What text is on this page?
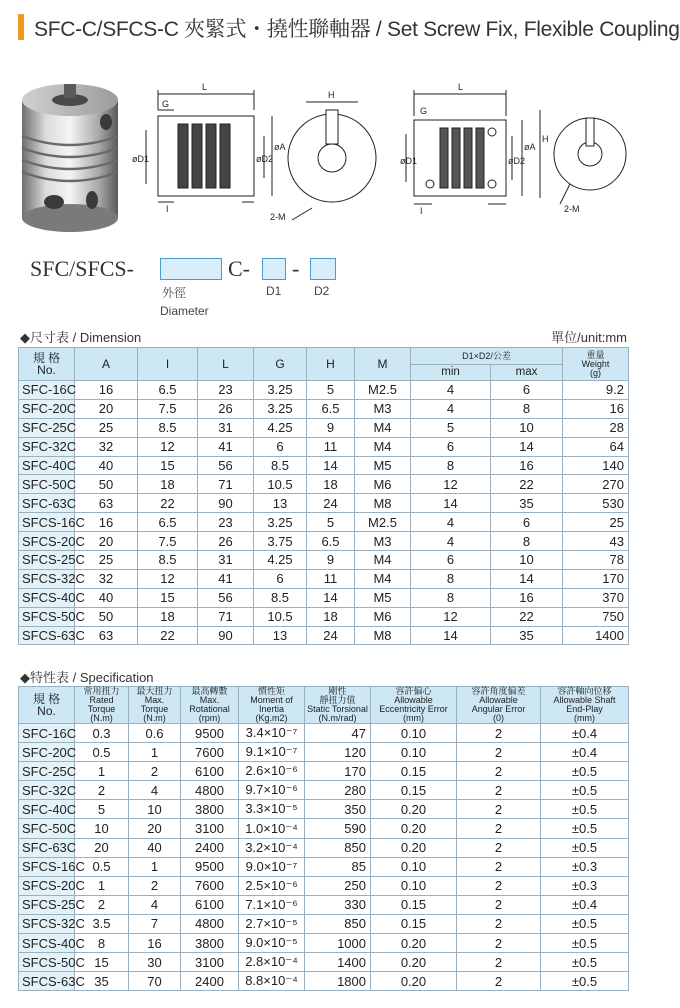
SFC-C/SFCS-C 夾緊式・撓性聯軸器 / Set Screw Fix, Flexible Coupling
L
G
I
øD1	øD2
øA
H
2-M
L
G
I
øD1	øD2
øA
H
2-M
SFC/SFCS-	C- -
外徑
Diameter
D1	D2
◆尺寸表 / Dimension	單位/unit:mm
規 格
No.	A	I	L	G	H	M	D1×D2/公差		重量
Weight
(g)
							min	max	
SFC-16C	16	6.5	23	3.25	5	M2.5	4	6	9.2
SFC-20C	20	7.5	26	3.25	6.5	M3	4	8	16
SFC-25C	25	8.5	31	4.25	9	M4	5	10	28
SFC-32C	32	12	41	6	11	M4	6	14	64
SFC-40C	40	15	56	8.5	14	M5	8	16	140
SFC-50C	50	18	71	10.5	18	M6	12	22	270
SFC-63C	63	22	90	13	24	M8	14	35	530
SFCS-16C	16	6.5	23	3.25	5	M2.5	4	6	25
SFCS-20C	20	7.5	26	3.75	6.5	M3	4	8	43
SFCS-25C	25	8.5	31	4.25	9	M4	6	10	78
SFCS-32C	32	12	41	6	11	M4	8	14	170
SFCS-40C	40	15	56	8.5	14	M5	8	16	370
SFCS-50C	50	18	71	10.5	18	M6	12	22	750
SFCS-63C	63	22	90	13	24	M8	14	35	1400
◆特性表 / Specification
規 格
No.	常用扭力
Rated
Torque
(N.m)	最大扭力
Max.
Torque
(N.m)	最高轉數
Max.
Rotational
(rpm)	慣性矩
Moment of
Inertia
(Kg.m2)	剛性
靜扭力值
Static Torsional
(N.m/rad)	容許偏心
Allowable
Eccentricity Error
(mm)	容許角度偏差
Allowable
Angular Error
(0)	容許軸向位移
Allowable Shaft
End-Play
(mm)
SFC-16C	0.3	0.6	9500	3.4×10⁻⁷	47	0.10	2	±0.4
SFC-20C	0.5	1	7600	9.1×10⁻⁷	120	0.10	2	±0.4
SFC-25C	1	2	6100	2.6×10⁻⁶	170	0.15	2	±0.5
SFC-32C	2	4	4800	9.7×10⁻⁶	280	0.15	2	±0.5
SFC-40C	5	10	3800	3.3×10⁻⁵	350	0.20	2	±0.5
SFC-50C	10	20	3100	1.0×10⁻⁴	590	0.20	2	±0.5
SFC-63C	20	40	2400	3.2×10⁻⁴	850	0.20	2	±0.5
SFCS-16C	0.5	1	9500	9.0×10⁻⁷	85	0.10	2	±0.3
SFCS-20C	1	2	7600	2.5×10⁻⁶	250	0.10	2	±0.3
SFCS-25C	2	4	6100	7.1×10⁻⁶	330	0.15	2	±0.4
SFCS-32C	3.5	7	4800	2.7×10⁻⁵	850	0.15	2	±0.5
SFCS-40C	8	16	3800	9.0×10⁻⁵	1000	0.20	2	±0.5
SFCS-50C	15	30	3100	2.8×10⁻⁴	1400	0.20	2	±0.5
SFCS-63C	35	70	2400	8.8×10⁻⁴	1800	0.20	2	±0.5
